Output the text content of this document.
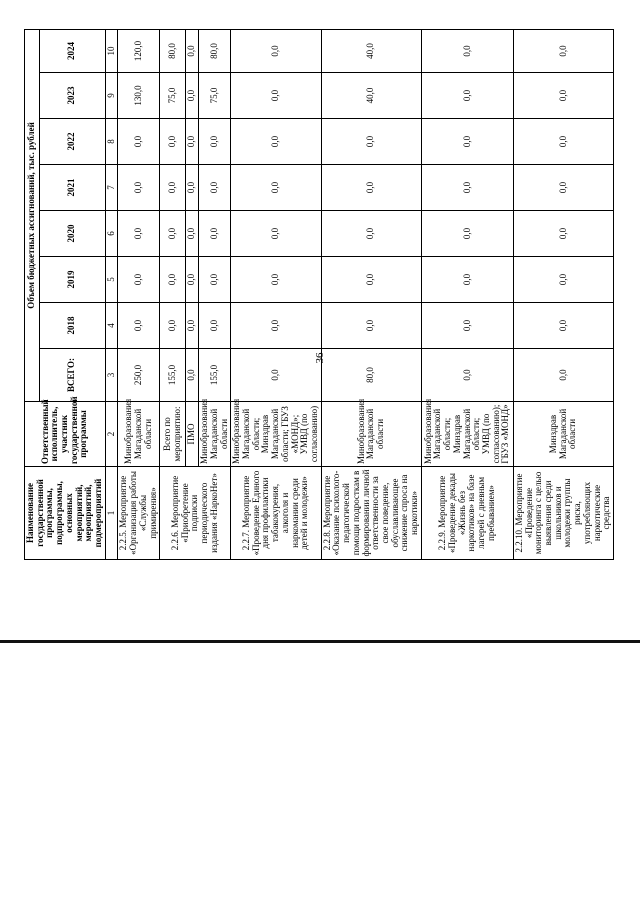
36
Наименование государственной программы, подпрограммы, основных мероприятий, мероприятий, подмероприятий	Ответственный исполнитель, участник государственной программы	Объем бюджетных ассигнований, тыс. рублей							
		ВСЕГО:	2018	2019	2020	2021	2022	2023	2024
1	2	3	4	5	6	7	8	9	10
2.2.5. Мероприятие «Организация работы «Службы примирения»	Минобразования Магаданской области	250,0	0,0	0,0	0,0	0,0	0,0	130,0	120,0
2.2.6. Мероприятие «Приобретение подписки периодического издания «НаркоНет»	Всего по мероприятию:	155,0	0,0	0,0	0,0	0,0	0,0	75,0	80,0
	ПМО	0,0	0,0	0,0	0,0	0,0	0,0	0,0	0,0
	Минобразования Магаданской области	155,0	0,0	0,0	0,0	0,0	0,0	75,0	80,0
2.2.7. Мероприятие «Проведение Единого дня профилактики табакокурения, алкоголя и наркомании среди детей и молодежи»	Минобразования Магаданской области; Минздрав Магаданской области; ГБУЗ «МОНД»; УМВД (по согласованию)	0,0	0,0	0,0	0,0	0,0	0,0	0,0	0,0
2.2.8. Мероприятие «Оказание психолого-педагогической помощи подросткам в формировании личной ответственности за свое поведение, обуславливающее снижение спроса на наркотики»	Минобразования Магаданской области	80,0	0,0	0,0	0,0	0,0	0,0	40,0	40,0
2.2.9. Мероприятие «Проведение декады «Жизнь без наркотиков» на базе лагерей с дневным пребыванием»	Минобразования Магаданской области; Минздрав Магаданской области; УМВД (по согласованию); ГБУЗ «МОНД»	0,0	0,0	0,0	0,0	0,0	0,0	0,0	0,0
2.2.10. Мероприятие «Проведение мониторинга с целью выявления среди школьников и молодежи группы риска, употребляющих наркотические средства	Минздрав Магаданской области	0,0	0,0	0,0	0,0	0,0	0,0	0,0	0,0
